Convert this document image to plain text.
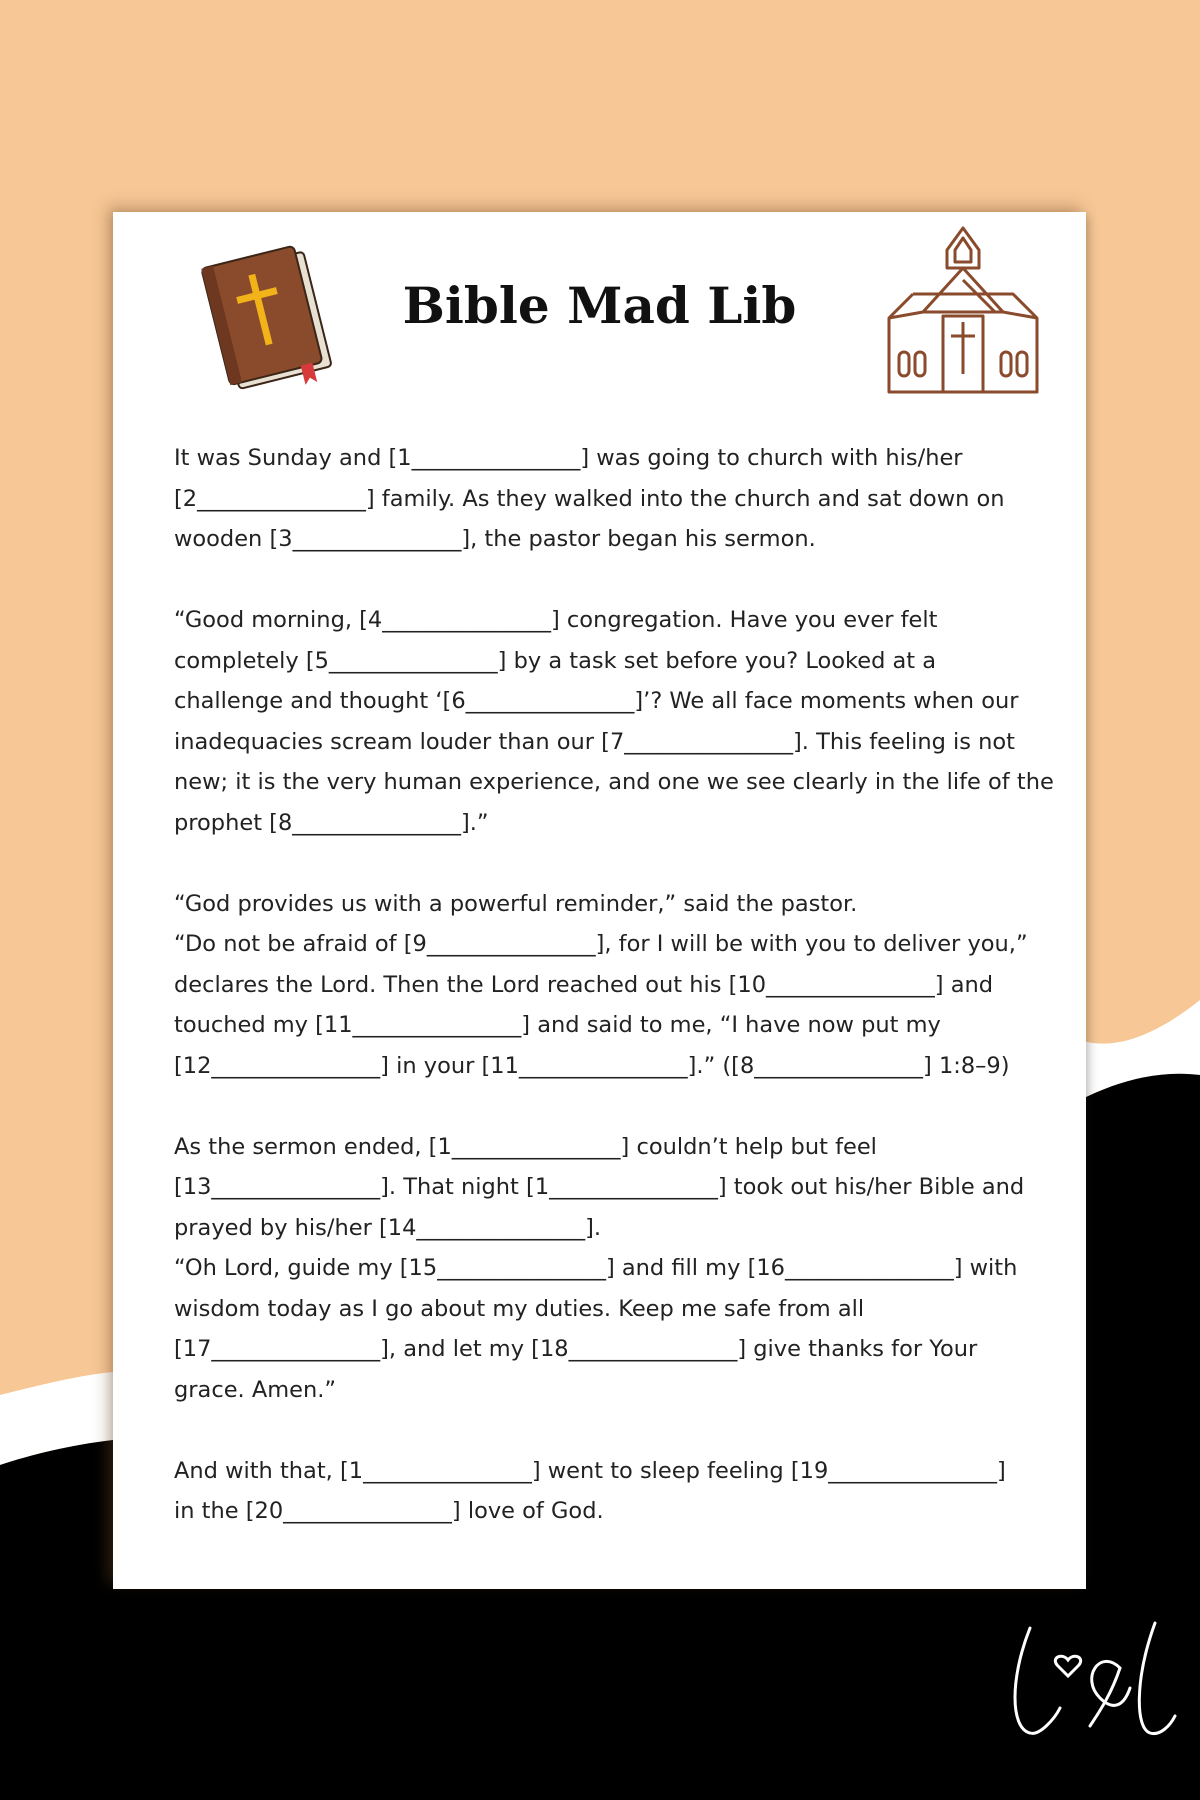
Bible Mad Lib
It was Sunday and [1_______________] was going to church with his/her
[2_______________] family. As they walked into the church and sat down on
wooden [3_______________], the pastor began his sermon.
“Good morning, [4_______________] congregation. Have you ever felt
completely [5_______________] by a task set before you? Looked at a
challenge and thought ‘[6_______________]’? We all face moments when our
inadequacies scream louder than our [7_______________]. This feeling is not
new; it is the very human experience, and one we see clearly in the life of the
prophet [8_______________].”
“God provides us with a powerful reminder,” said the pastor.
“Do not be afraid of [9_______________], for I will be with you to deliver you,”
declares the Lord. Then the Lord reached out his [10_______________] and
touched my [11_______________] and said to me, “I have now put my
[12_______________] in your [11_______________].” ([8_______________] 1:8–9)
As the sermon ended, [1_______________] couldn’t help but feel
[13_______________]. That night [1_______________] took out his/her Bible and
prayed by his/her [14_______________].
“Oh Lord, guide my [15_______________] and fill my [16_______________] with
wisdom today as I go about my duties. Keep me safe from all
[17_______________], and let my [18_______________] give thanks for Your
grace. Amen.”
And with that, [1_______________] went to sleep feeling [19_______________]
in the [20_______________] love of God.
L&L
